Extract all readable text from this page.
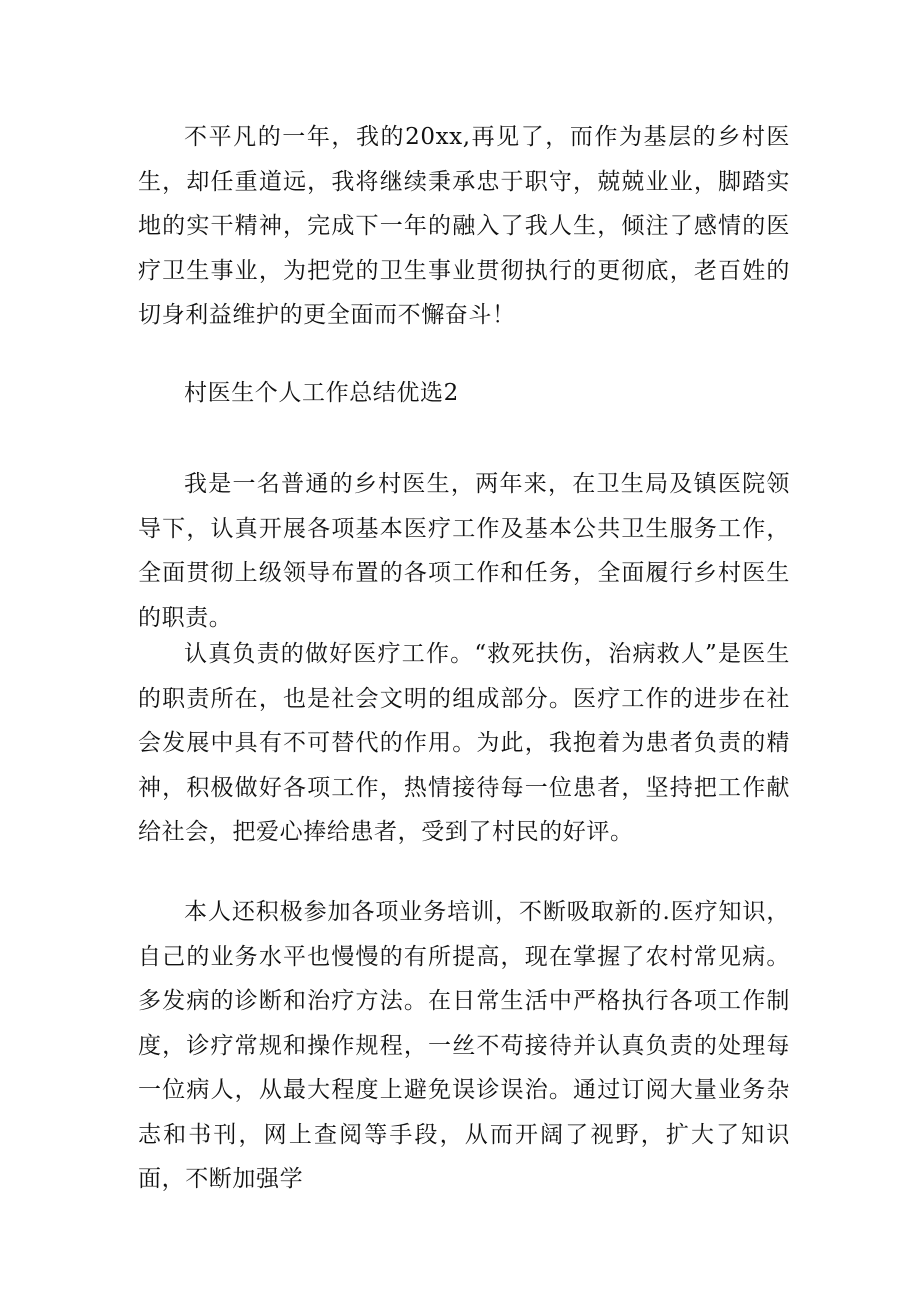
不平凡的一年，我的20xx,再见了，而作为基层的乡村医生，却任重道远，我将继续秉承忠于职守，兢兢业业，脚踏实地的实干精神，完成下一年的融入了我人生，倾注了感情的医疗卫生事业，为把党的卫生事业贯彻执行的更彻底，老百姓的切身利益维护的更全面而不懈奋斗！

村医生个人工作总结优选2

我是一名普通的乡村医生，两年来，在卫生局及镇医院领导下，认真开展各项基本医疗工作及基本公共卫生服务工作，全面贯彻上级领导布置的各项工作和任务，全面履行乡村医生的职责。

认真负责的做好医疗工作。“救死扶伤，治病救人”是医生的职责所在，也是社会文明的组成部分。医疗工作的进步在社会发展中具有不可替代的作用。为此，我抱着为患者负责的精神，积极做好各项工作，热情接待每一位患者，坚持把工作献给社会，把爱心捧给患者，受到了村民的好评。

本人还积极参加各项业务培训，不断吸取新的.医疗知识，自己的业务水平也慢慢的有所提高，现在掌握了农村常见病。多发病的诊断和治疗方法。在日常生活中严格执行各项工作制度，诊疗常规和操作规程，一丝不苟接待并认真负责的处理每一位病人，从最大程度上避免误诊误治。通过订阅大量业务杂志和书刊，网上查阅等手段，从而开阔了视野，扩大了知识面，不断加强学
